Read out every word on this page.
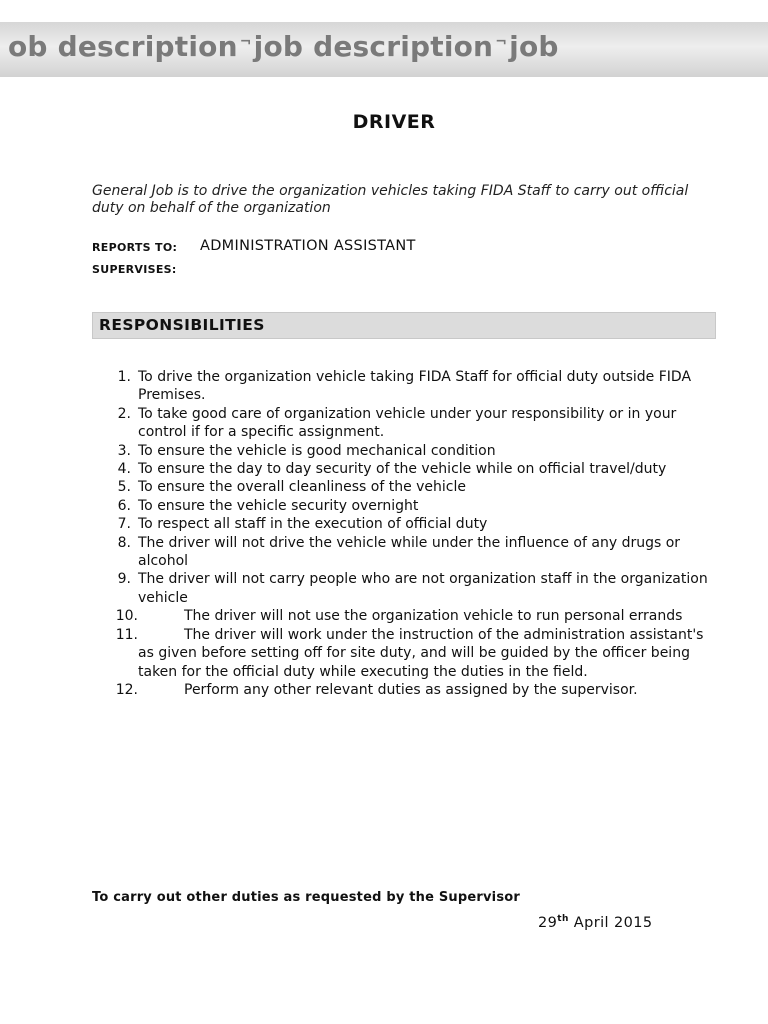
ob description ¬job description ¬job
DRIVER
General Job is to drive the organization vehicles taking FIDA Staff to carry out official duty on behalf of the organization
REPORTS TO: ADMINISTRATION ASSISTANT
SUPERVISES:
RESPONSIBILITIES
1. To drive the organization vehicle taking FIDA Staff for official duty outside FIDA Premises.
2. To take good care of organization vehicle under your responsibility or in your control if for a specific assignment.
3. To ensure the vehicle is good mechanical condition
4. To ensure the day to day security of the vehicle while on official travel/duty
5. To ensure the overall cleanliness of the vehicle
6. To ensure the vehicle security overnight
7. To respect all staff in the execution of official duty
8. The driver will not drive the vehicle while under the influence of any drugs or alcohol
9. The driver will not carry people who are not organization staff in the organization vehicle
10.	The driver will not use the organization vehicle to run personal errands
11.	The driver will work under the instruction of the administration assistant's as given before setting off for site duty, and will be guided by the officer being taken for the official duty while executing the duties in the field.
12.	Perform any other relevant duties as assigned by the supervisor.
To carry out other duties as requested by the Supervisor
29th April 2015
